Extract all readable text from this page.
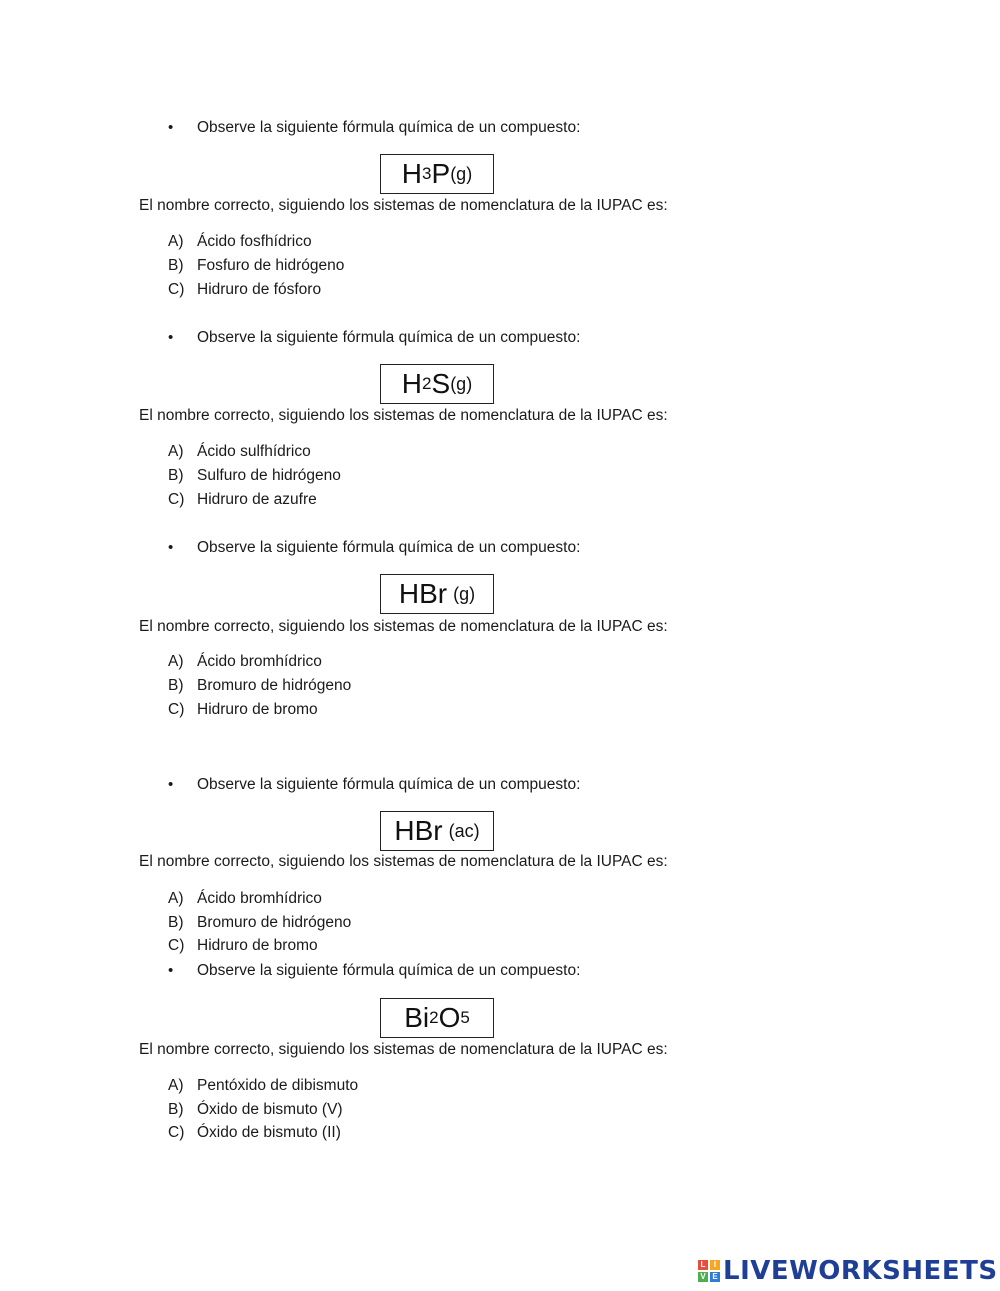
• Observe la siguiente fórmula química de un compuesto:
H 3 P (g)
El nombre correcto, siguiendo los sistemas de nomenclatura de la IUPAC es:
A) Ácido fosfhídrico
B) Fosfuro de hidrógeno
C) Hidruro de fósforo
• Observe la siguiente fórmula química de un compuesto:
H 2 S (g)
El nombre correcto, siguiendo los sistemas de nomenclatura de la IUPAC es:
A) Ácido sulfhídrico
B) Sulfuro de hidrógeno
C) Hidruro de azufre
• Observe la siguiente fórmula química de un compuesto:
HBr (g)
El nombre correcto, siguiendo los sistemas de nomenclatura de la IUPAC es:
A) Ácido bromhídrico
B) Bromuro de hidrógeno
C) Hidruro de bromo
• Observe la siguiente fórmula química de un compuesto:
HBr (ac)
El nombre correcto, siguiendo los sistemas de nomenclatura de la IUPAC es:
A) Ácido bromhídrico
B) Bromuro de hidrógeno
C) Hidruro de bromo
• Observe la siguiente fórmula química de un compuesto:
Bi 2 O 5
El nombre correcto, siguiendo los sistemas de nomenclatura de la IUPAC es:
A) Pentóxido de dibismuto
B) Óxido de bismuto (V)
C) Óxido de bismuto (II)
L	I
V E LIVEWORKSHEETS
